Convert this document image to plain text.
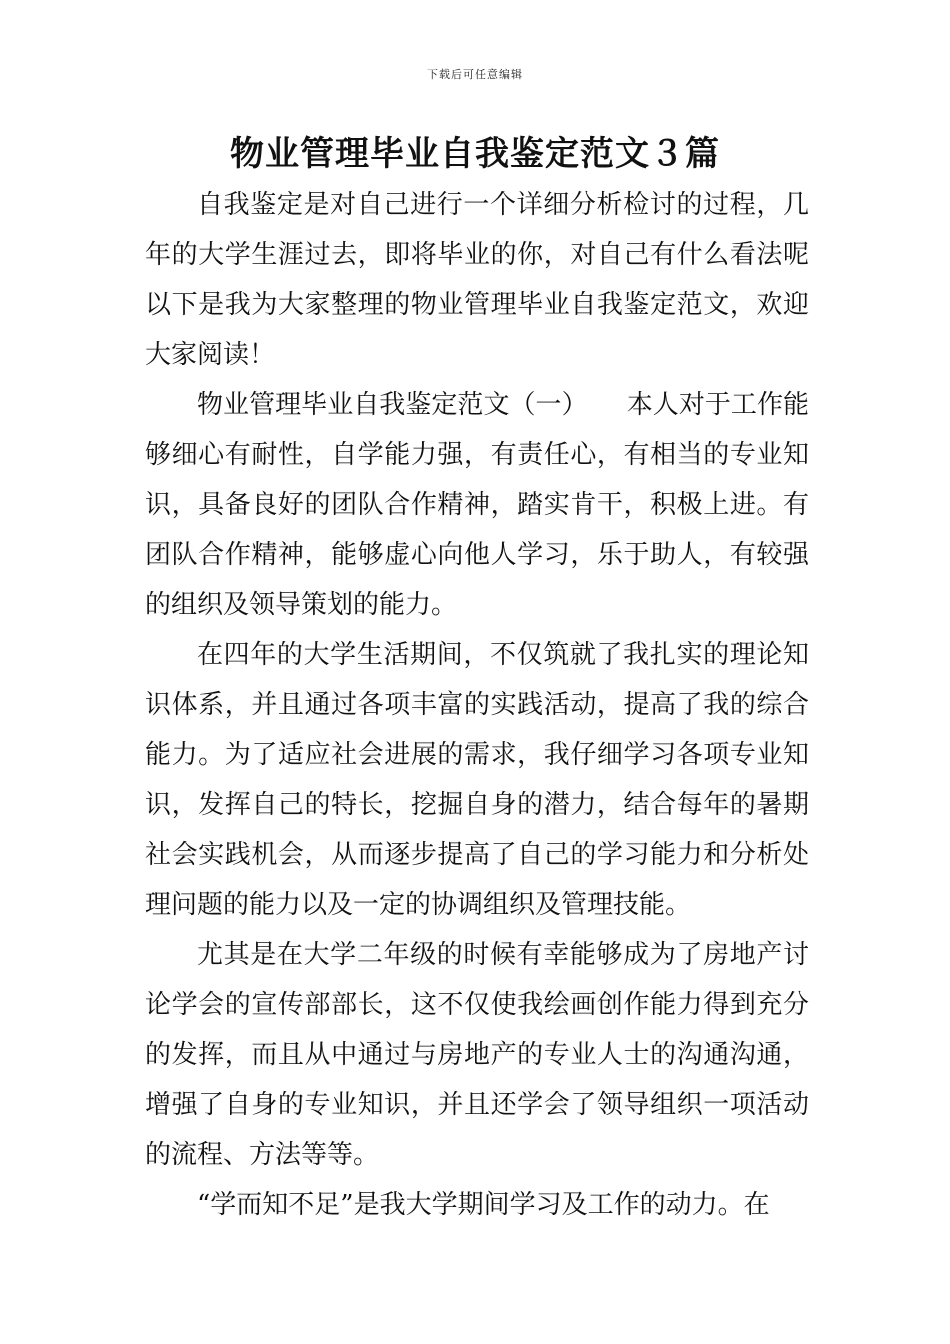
下载后可任意编辑
物业管理毕业自我鉴定范文３篇

自我鉴定是对自己进行一个详细分析检讨的过程，几年的大学生涯过去，即将毕业的你，对自己有什么看法呢以下是我为大家整理的物业管理毕业自我鉴定范文，欢迎大家阅读！

物业管理毕业自我鉴定范文（一）　　本人对于工作能够细心有耐性，自学能力强，有责任心，有相当的专业知识，具备良好的团队合作精神，踏实肯干，积极上进。有团队合作精神，能够虚心向他人学习，乐于助人，有较强的组织及领导策划的能力。

在四年的大学生活期间，不仅筑就了我扎实的理论知识体系，并且通过各项丰富的实践活动，提高了我的综合能力。为了适应社会进展的需求，我仔细学习各项专业知识，发挥自己的特长，挖掘自身的潜力，结合每年的暑期社会实践机会，从而逐步提高了自己的学习能力和分析处理问题的能力以及一定的协调组织及管理技能。

尤其是在大学二年级的时候有幸能够成为了房地产讨论学会的宣传部部长，这不仅使我绘画创作能力得到充分的发挥，而且从中通过与房地产的专业人士的沟通沟通，增强了自身的专业知识，并且还学会了领导组织一项活动的流程、方法等等。

“学而知不足”是我大学期间学习及工作的动力。在
